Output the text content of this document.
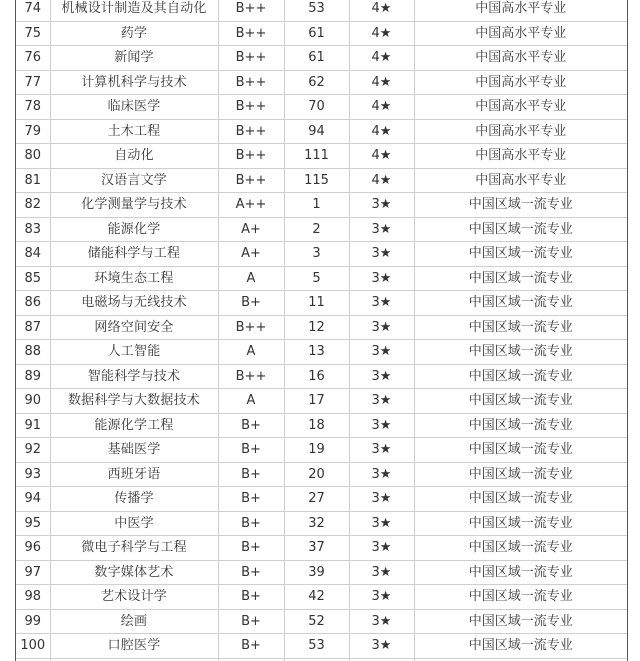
74	机械设计制造及其自动化	B++	53	4★	中国高水平专业
75	药学	B++	61	4★	中国高水平专业
76	新闻学	B++	61	4★	中国高水平专业
77	计算机科学与技术	B++	62	4★	中国高水平专业
78	临床医学	B++	70	4★	中国高水平专业
79	土木工程	B++	94	4★	中国高水平专业
80	自动化	B++	111	4★	中国高水平专业
81	汉语言文学	B++	115	4★	中国高水平专业
82	化学测量学与技术	A++	1	3★	中国区域一流专业
83	能源化学	A+	2	3★	中国区域一流专业
84	储能科学与工程	A+	3	3★	中国区域一流专业
85	环境生态工程	A	5	3★	中国区域一流专业
86	电磁场与无线技术	B+	11	3★	中国区域一流专业
87	网络空间安全	B++	12	3★	中国区域一流专业
88	人工智能	A	13	3★	中国区域一流专业
89	智能科学与技术	B++	16	3★	中国区域一流专业
90	数据科学与大数据技术	A	17	3★	中国区域一流专业
91	能源化学工程	B+	18	3★	中国区域一流专业
92	基础医学	B+	19	3★	中国区域一流专业
93	西班牙语	B+	20	3★	中国区域一流专业
94	传播学	B+	27	3★	中国区域一流专业
95	中医学	B+	32	3★	中国区域一流专业
96	微电子科学与工程	B+	37	3★	中国区域一流专业
97	数字媒体艺术	B+	39	3★	中国区域一流专业
98	艺术设计学	B+	42	3★	中国区域一流专业
99	绘画	B+	52	3★	中国区域一流专业
100	口腔医学	B+	53	3★	中国区域一流专业
